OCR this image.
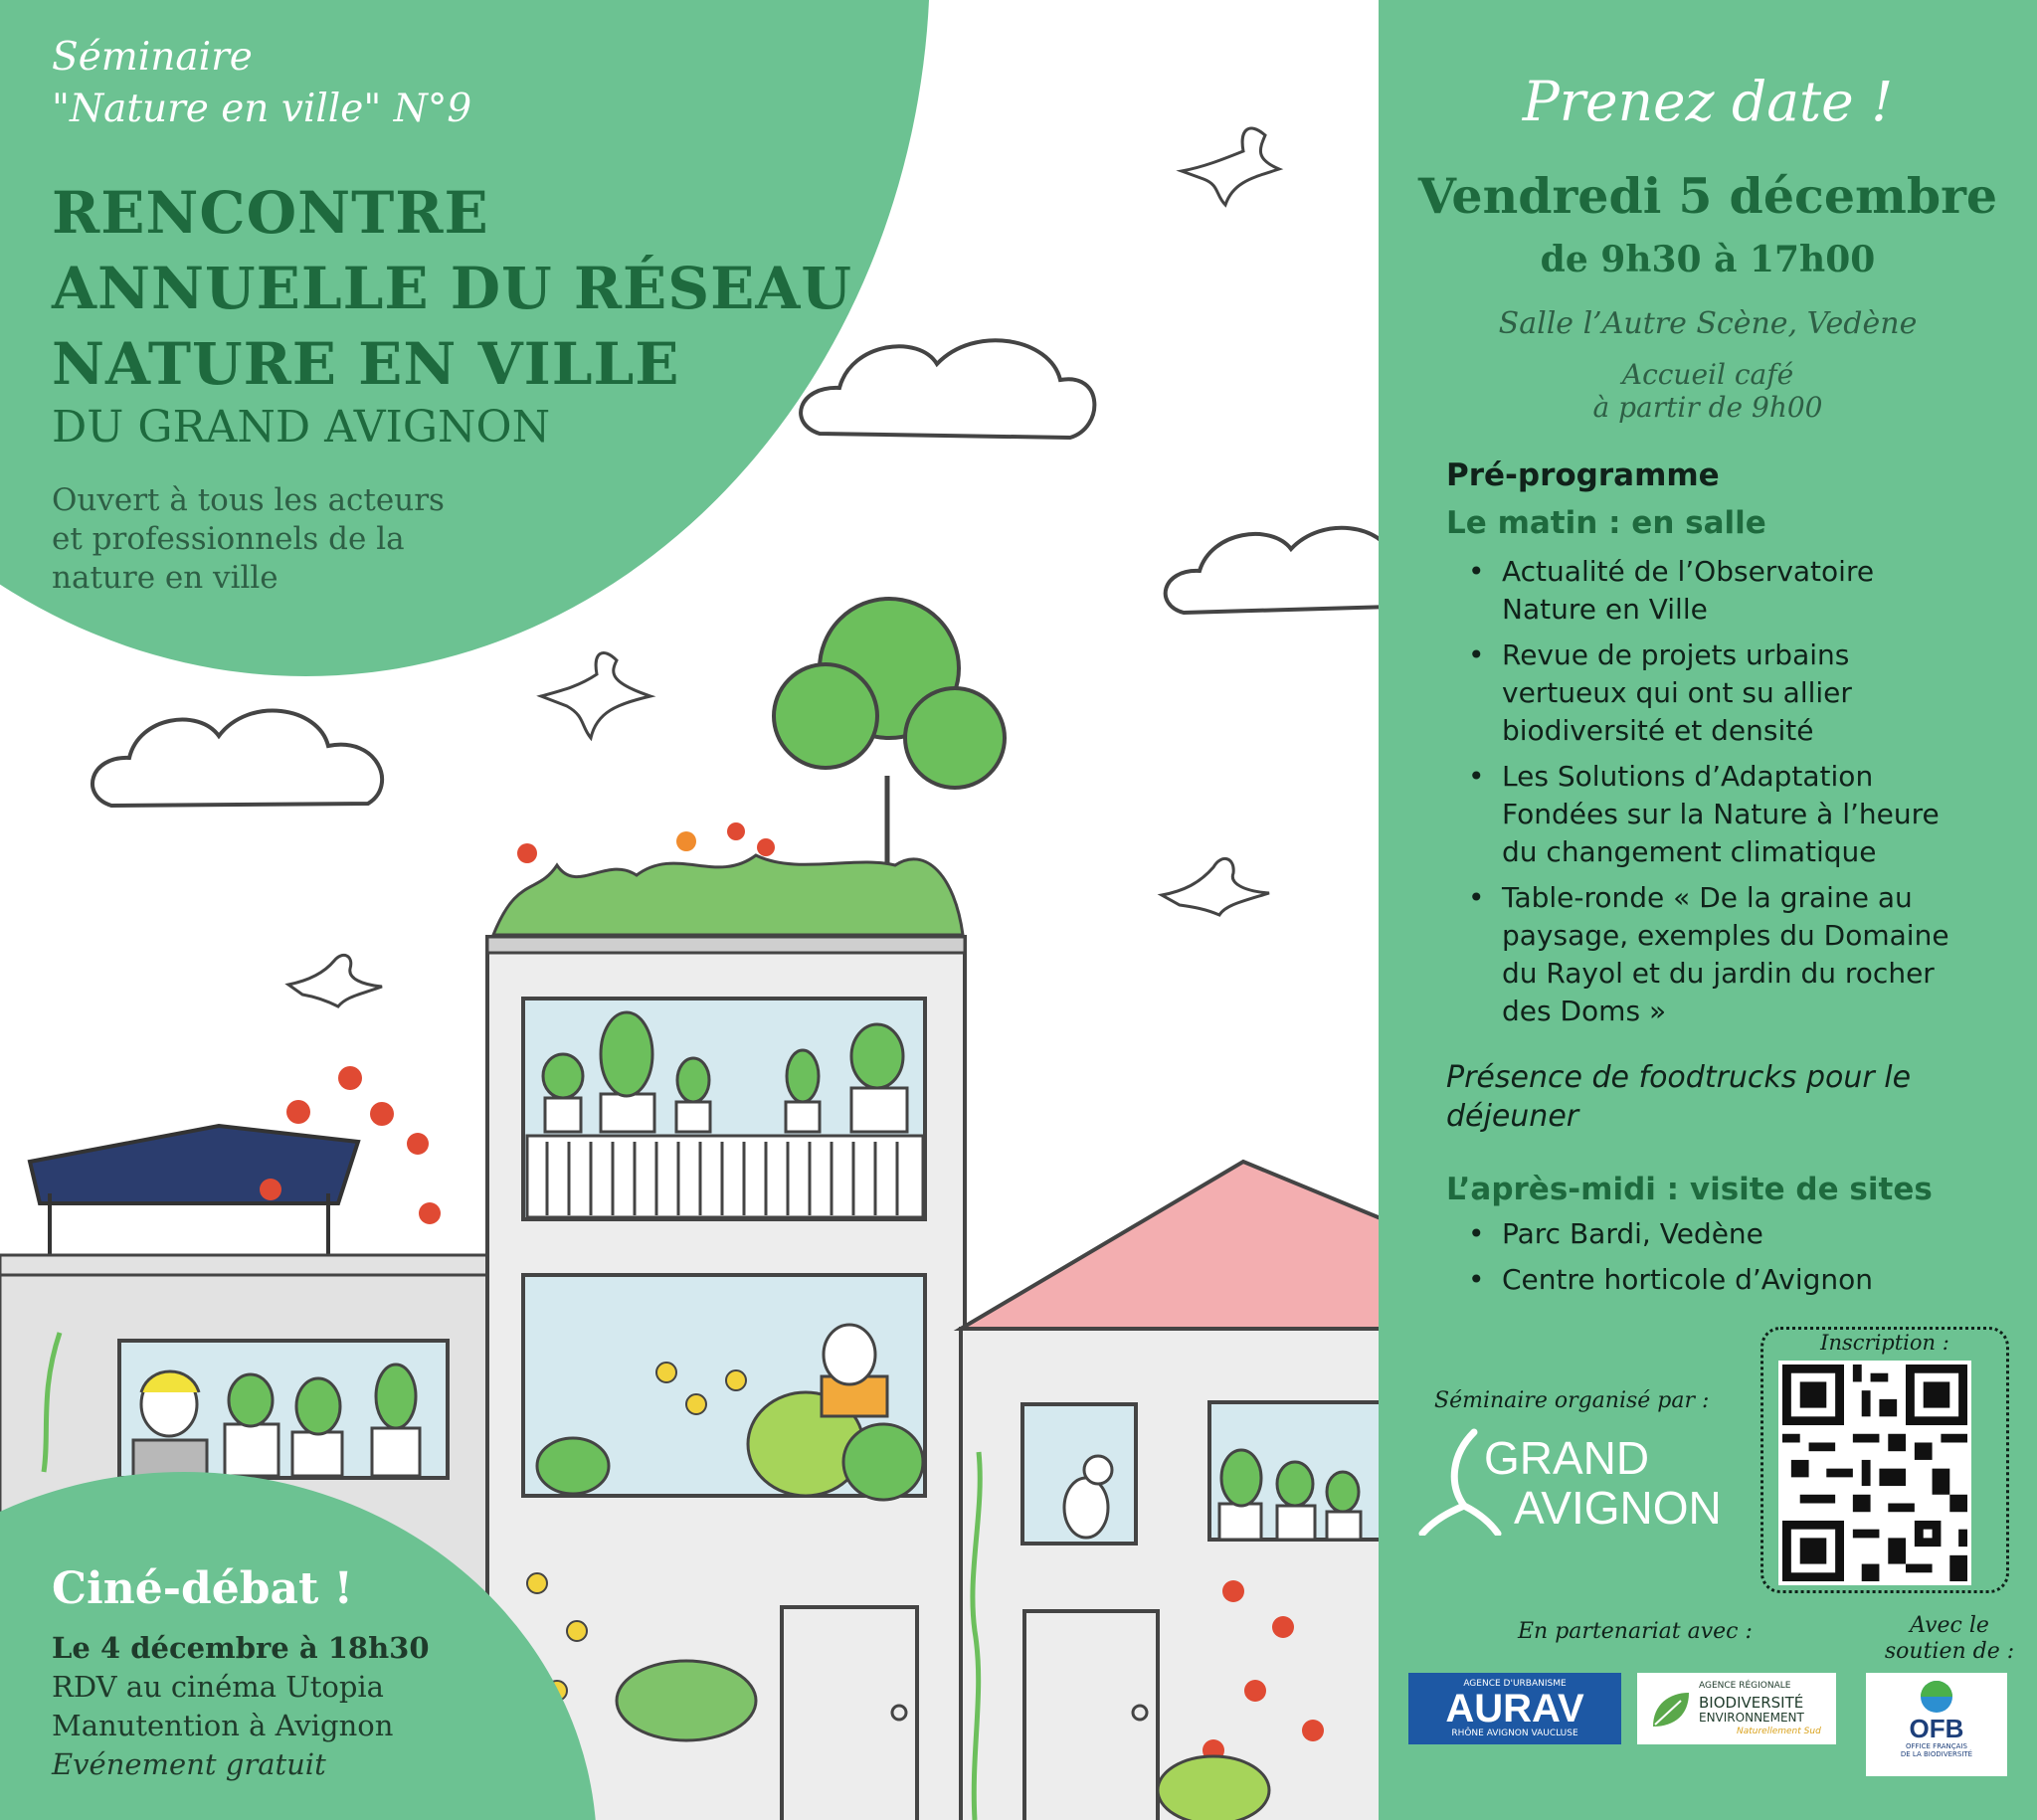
Séminaire
"Nature en ville" N°9
RENCONTRE
ANNUELLE DU RÉSEAU
NATURE EN VILLE
DU GRAND AVIGNON
Ouvert à tous les acteurs
et professionnels de la
nature en ville
Ciné-débat !
Le 4 décembre à 18h30
RDV au cinéma Utopia
Manutention à Avignon
Evénement gratuit
Prenez date !
Vendredi 5 décembre
de 9h30 à 17h00
Salle l’Autre Scène, Vedène
Accueil café
à partir de 9h00
Pré-programme
Le matin : en salle
• Actualité de l’Observatoire
Nature en Ville
• Revue de projets urbains
vertueux qui ont su allier
biodiversité et densité
• Les Solutions d’Adaptation
Fondées sur la Nature à l’heure
du changement climatique
• Table-ronde « De la graine au
paysage, exemples du Domaine
du Rayol et du jardin du rocher
des Doms »
Présence de foodtrucks pour le
déjeuner
L’après-midi : visite de sites
• Parc Bardi, Vedène
• Centre horticole d’Avignon
Séminaire organisé par :
GRAND
AVIGNON
Inscription :
En partenariat avec :	Avec le
soutien de :
AGENCE D'URBANISME
AURAV
RHÔNE AVIGNON VAUCLUSE
AGENCE RÉGIONALE
BIODIVERSITÉ
ENVIRONNEMENT
Naturellement Sud	OFB
OFFICE FRANÇAIS
DE LA BIODIVERSITÉ
